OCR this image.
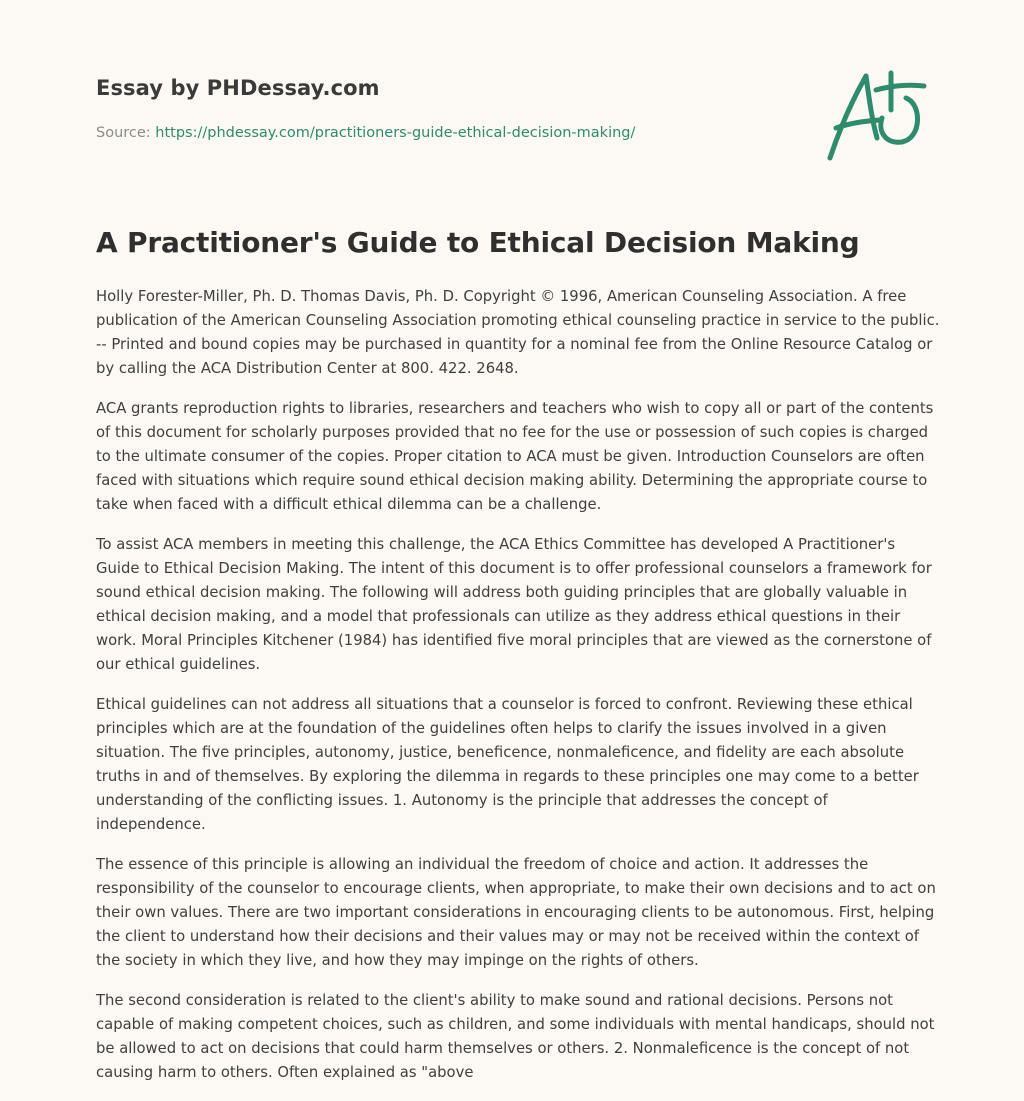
Essay by PHDessay.com
Source: https://phdessay.com/practitioners-guide-ethical-decision-making/
A Practitioner's Guide to Ethical Decision Making

Holly Forester-Miller, Ph. D. Thomas Davis, Ph. D. Copyright © 1996, American Counseling Association. A free publication of the American Counseling Association promoting ethical counseling practice in service to the public. -- Printed and bound copies may be purchased in quantity for a nominal fee from the Online Resource Catalog or by calling the ACA Distribution Center at 800. 422. 2648.

ACA grants reproduction rights to libraries, researchers and teachers who wish to copy all or part of the contents of this document for scholarly purposes provided that no fee for the use or possession of such copies is charged to the ultimate consumer of the copies. Proper citation to ACA must be given. Introduction Counselors are often faced with situations which require sound ethical decision making ability. Determining the appropriate course to take when faced with a difficult ethical dilemma can be a challenge.

To assist ACA members in meeting this challenge, the ACA Ethics Committee has developed A Practitioner's Guide to Ethical Decision Making. The intent of this document is to offer professional counselors a framework for sound ethical decision making. The following will address both guiding principles that are globally valuable in ethical decision making, and a model that professionals can utilize as they address ethical questions in their work. Moral Principles Kitchener (1984) has identified five moral principles that are viewed as the cornerstone of our ethical guidelines.

Ethical guidelines can not address all situations that a counselor is forced to confront. Reviewing these ethical principles which are at the foundation of the guidelines often helps to clarify the issues involved in a given situation. The five principles, autonomy, justice, beneficence, nonmaleficence, and fidelity are each absolute truths in and of themselves. By exploring the dilemma in regards to these principles one may come to a better understanding of the conflicting issues. 1. Autonomy is the principle that addresses the concept of independence.

The essence of this principle is allowing an individual the freedom of choice and action. It addresses the responsibility of the counselor to encourage clients, when appropriate, to make their own decisions and to act on their own values. There are two important considerations in encouraging clients to be autonomous. First, helping the client to understand how their decisions and their values may or may not be received within the context of the society in which they live, and how they may impinge on the rights of others.

The second consideration is related to the client's ability to make sound and rational decisions. Persons not capable of making competent choices, such as children, and some individuals with mental handicaps, should not be allowed to act on decisions that could harm themselves or others. 2. Nonmaleficence is the concept of not causing harm to others. Often explained as "above
